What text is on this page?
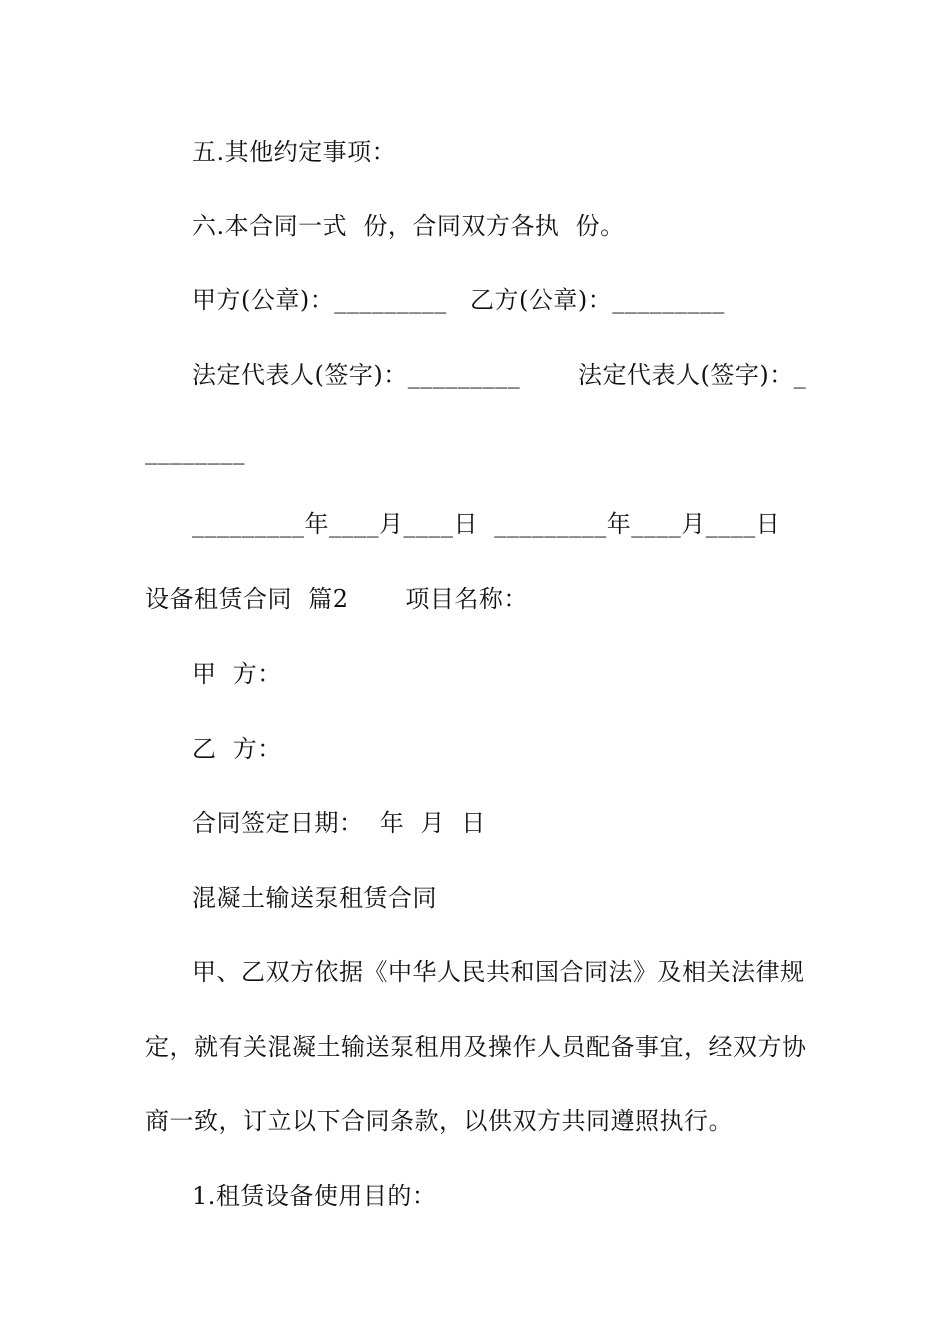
五.其他约定事项：
六.本合同一式  份，合同双方各执  份。
甲方(公章)：_________ 乙方(公章)：_________
法定代表人(签字)：_________ 法定代表人(签字)：_
________
_________年____月____日  _________年____月____日
设备租赁合同  篇2       项目名称：
甲  方：
乙  方：
合同签定日期：  年  月  日
混凝土输送泵租赁合同
甲、乙双方依据《中华人民共和国合同法》及相关法律规
定，就有关混凝土输送泵租用及操作人员配备事宜，经双方协
商一致，订立以下合同条款，以供双方共同遵照执行。
1.租赁设备使用目的：
